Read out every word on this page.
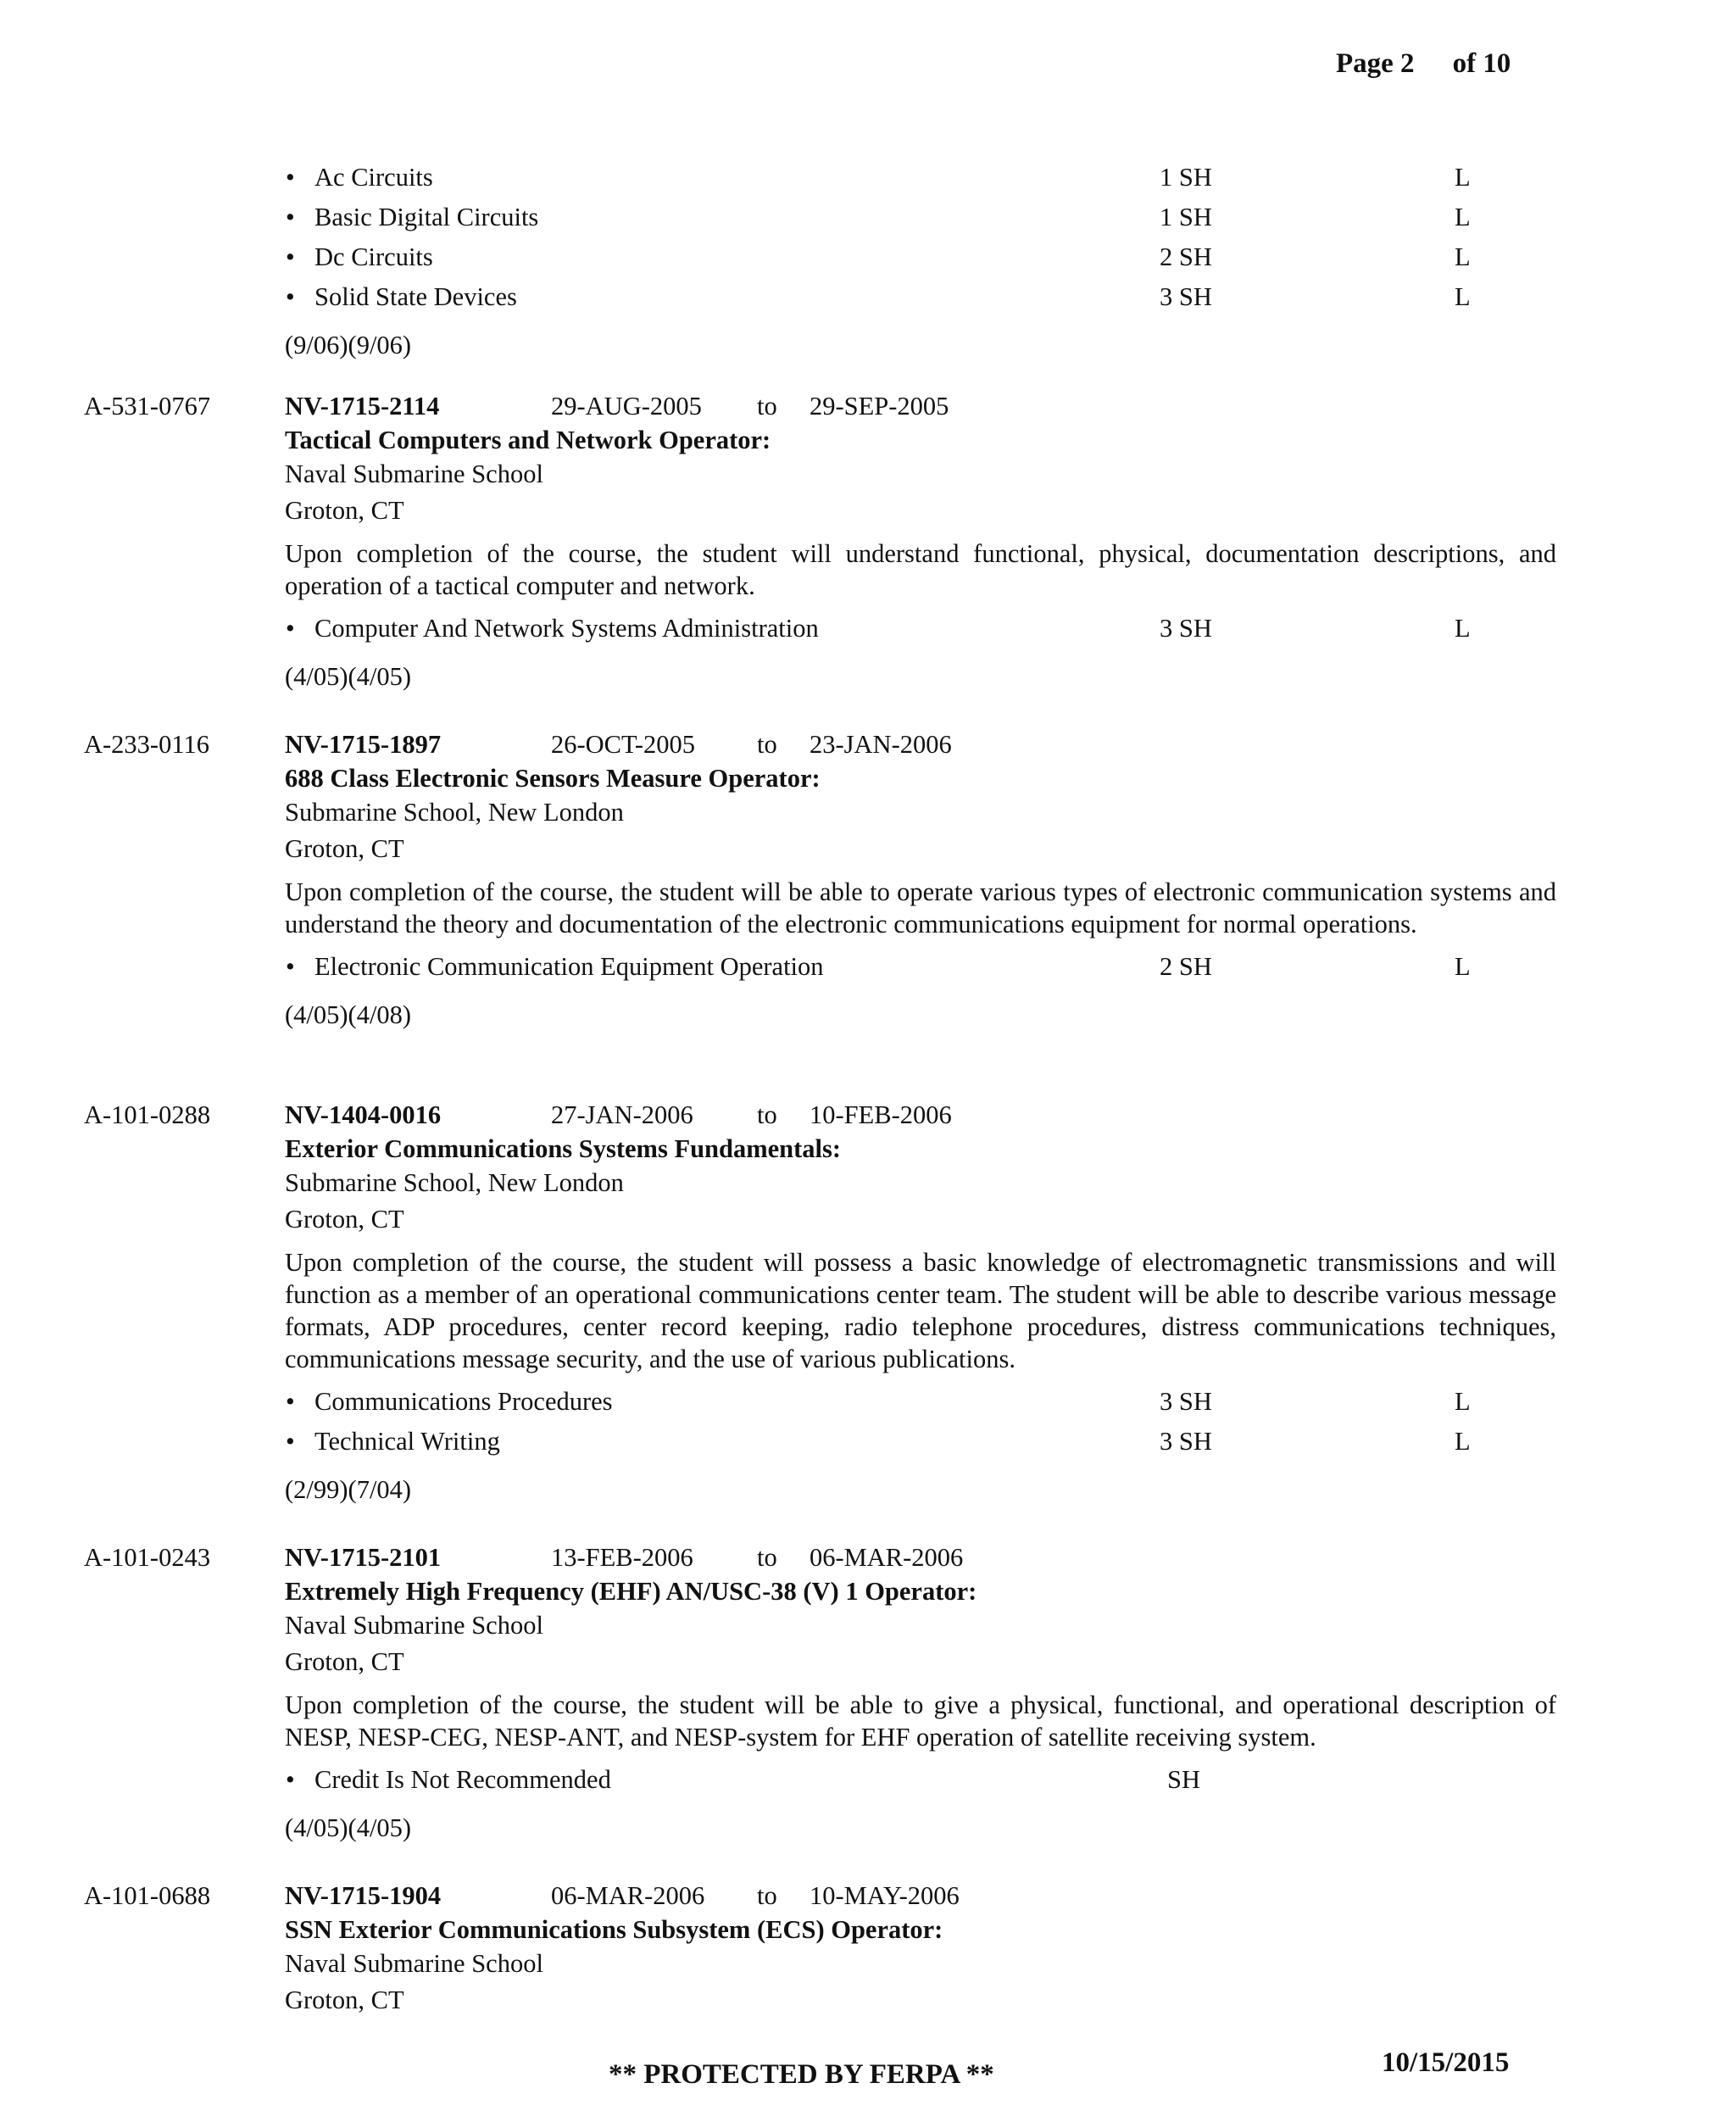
Page 2 of 10
• Ac Circuits	1 SH	L
• Basic Digital Circuits	1 SH	L
• Dc Circuits	2 SH	L
• Solid State Devices	3 SH	L
(9/06)(9/06)
A-531-0767	NV-1715-2114	29-AUG-2005 to 29-SEP-2005
Tactical Computers and Network Operator:
Naval Submarine School
Groton, CT

Upon completion of the course, the student will understand functional, physical, documentation descriptions, and operation of a tactical computer and network.

• Computer And Network Systems Administration	3 SH	L
(4/05)(4/05)
A-233-0116	NV-1715-1897	26-OCT-2005 to 23-JAN-2006
688 Class Electronic Sensors Measure Operator:
Submarine School, New London
Groton, CT

Upon completion of the course, the student will be able to operate various types of electronic communication systems and understand the theory and documentation of the electronic communications equipment for normal operations.

• Electronic Communication Equipment Operation	2 SH	L
(4/05)(4/08)
A-101-0288	NV-1404-0016	27-JAN-2006 to 10-FEB-2006
Exterior Communications Systems Fundamentals:
Submarine School, New London
Groton, CT

Upon completion of the course, the student will possess a basic knowledge of electromagnetic transmissions and will function as a member of an operational communications center team. The student will be able to describe various message formats, ADP procedures, center record keeping, radio telephone procedures, distress communications techniques, communications message security, and the use of various publications.

• Communications Procedures	3 SH	L
• Technical Writing	3 SH	L
(2/99)(7/04)
A-101-0243	NV-1715-2101	13-FEB-2006 to 06-MAR-2006
Extremely High Frequency (EHF) AN/USC-38 (V) 1 Operator:
Naval Submarine School
Groton, CT

Upon completion of the course, the student will be able to give a physical, functional, and operational description of NESP, NESP-CEG, NESP-ANT, and NESP-system for EHF operation of satellite receiving system.

• Credit Is Not Recommended	SH
(4/05)(4/05)
A-101-0688	NV-1715-1904	06-MAR-2006 to 10-MAY-2006
SSN Exterior Communications Subsystem (ECS) Operator:
Naval Submarine School
Groton, CT
10/15/2015
** PROTECTED BY FERPA **
